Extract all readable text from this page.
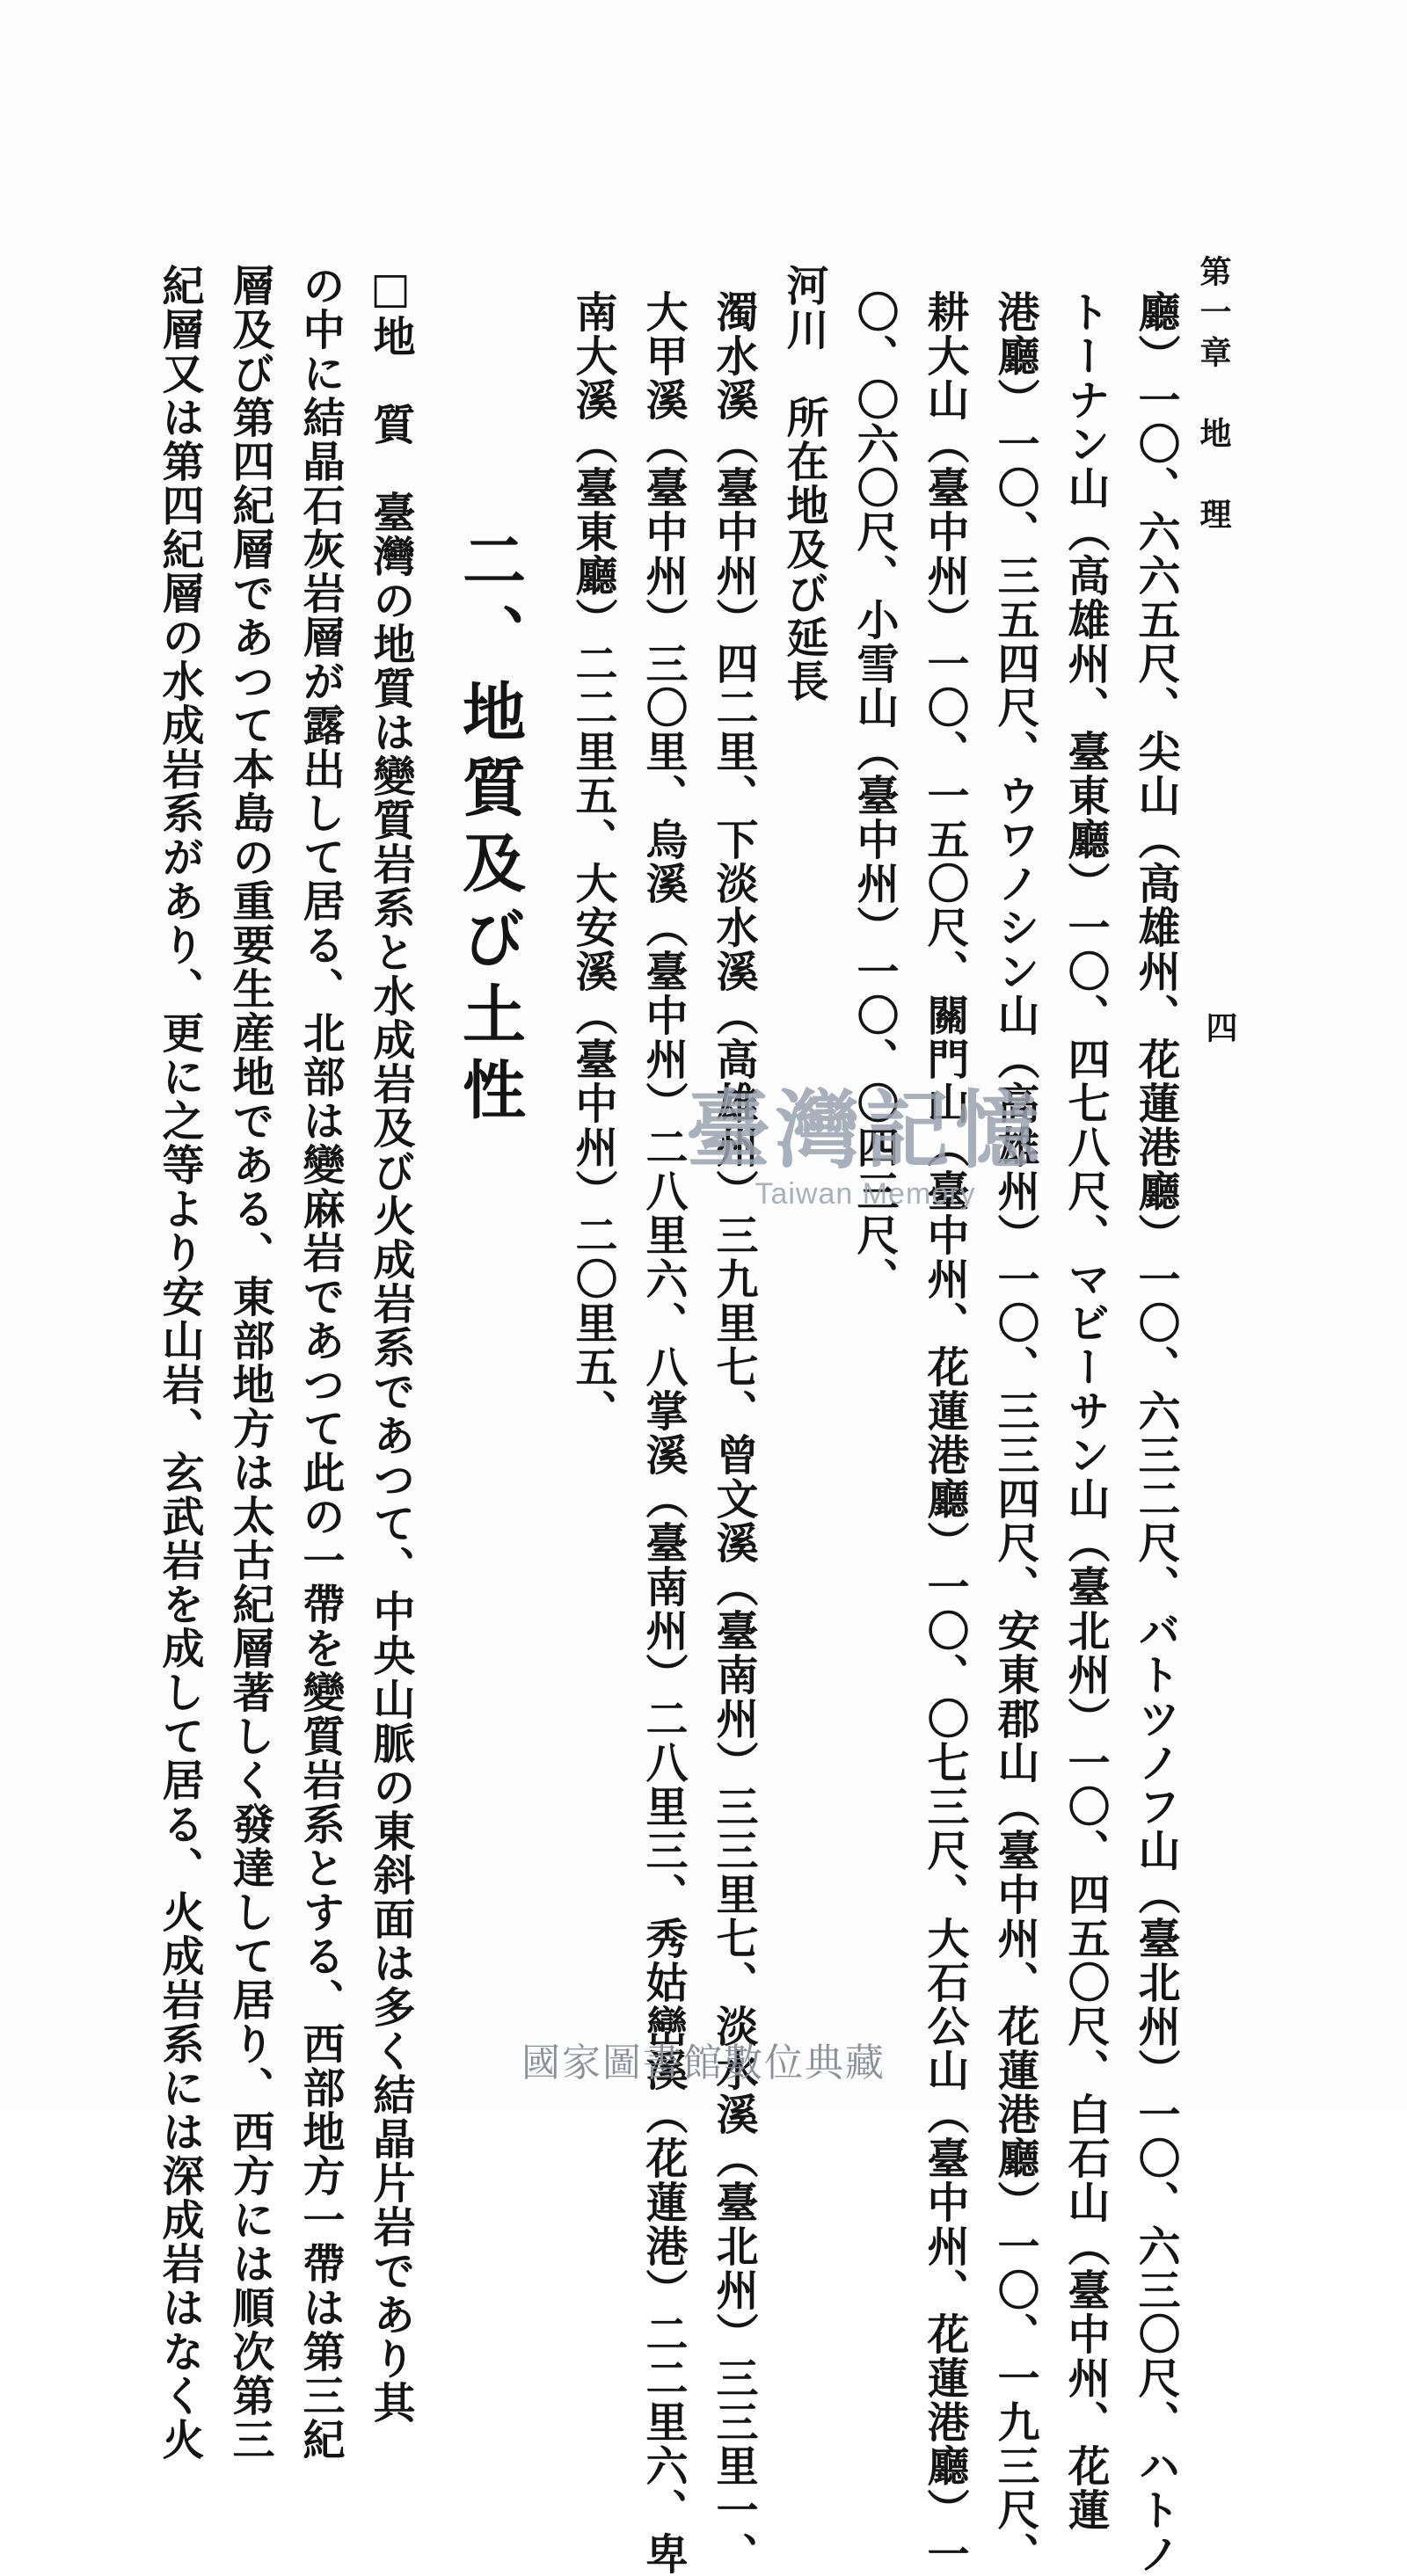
第一章　地　理
四
廳）一〇、六六五尺、尖山（高雄州、花蓮港廳）一〇、六三二尺、バトツノフ山（臺北州）一〇、六三〇尺、ハトノ
トーナン山（高雄州、臺東廳）一〇、四七八尺、マビーサン山（臺北州）一〇、四五〇尺、白石山（臺中州、花蓮
港廳）一〇、三五四尺、ウワノシン山（高雄州）一〇、三三四尺、安東郡山（臺中州、花蓮港廳）一〇、一九三尺、
耕大山（臺中州）一〇、一五〇尺、關門山（臺中州、花蓮港廳）一〇、〇七三尺、大石公山（臺中州、花蓮港廳）一
〇、〇六〇尺、小雪山（臺中州）一〇、〇四三尺、
河川　所在地及び延長
濁水溪（臺中州）四二里、下淡水溪（高雄州）三九里七、曾文溪（臺南州）三三里七、淡水溪（臺北州）三三里一、
大甲溪（臺中州）三〇里、烏溪（臺中州）二八里六、八掌溪（臺南州）二八里三、秀姑巒溪（花蓮港）二二里六、卑
南大溪（臺東廳）二二里五、大安溪（臺中州）二〇里五、
二、地質及び土性
□地　質　臺灣の地質は變質岩系と水成岩及び火成岩系であつて、中央山脈の東斜面は多く結晶片岩であり其
の中に結晶石灰岩層が露出して居る、北部は變麻岩であつて此の一帶を變質岩系とする、西部地方一帶は第三紀
層及び第四紀層であつて本島の重要生産地である、東部地方は太古紀層著しく發達して居り、西方には順次第三
紀層又は第四紀層の水成岩系があり、更に之等より安山岩、玄武岩を成して居る、火成岩系には深成岩はなく火	臺灣記憶
Taiwan Memory
國家圖書館數位典藏
